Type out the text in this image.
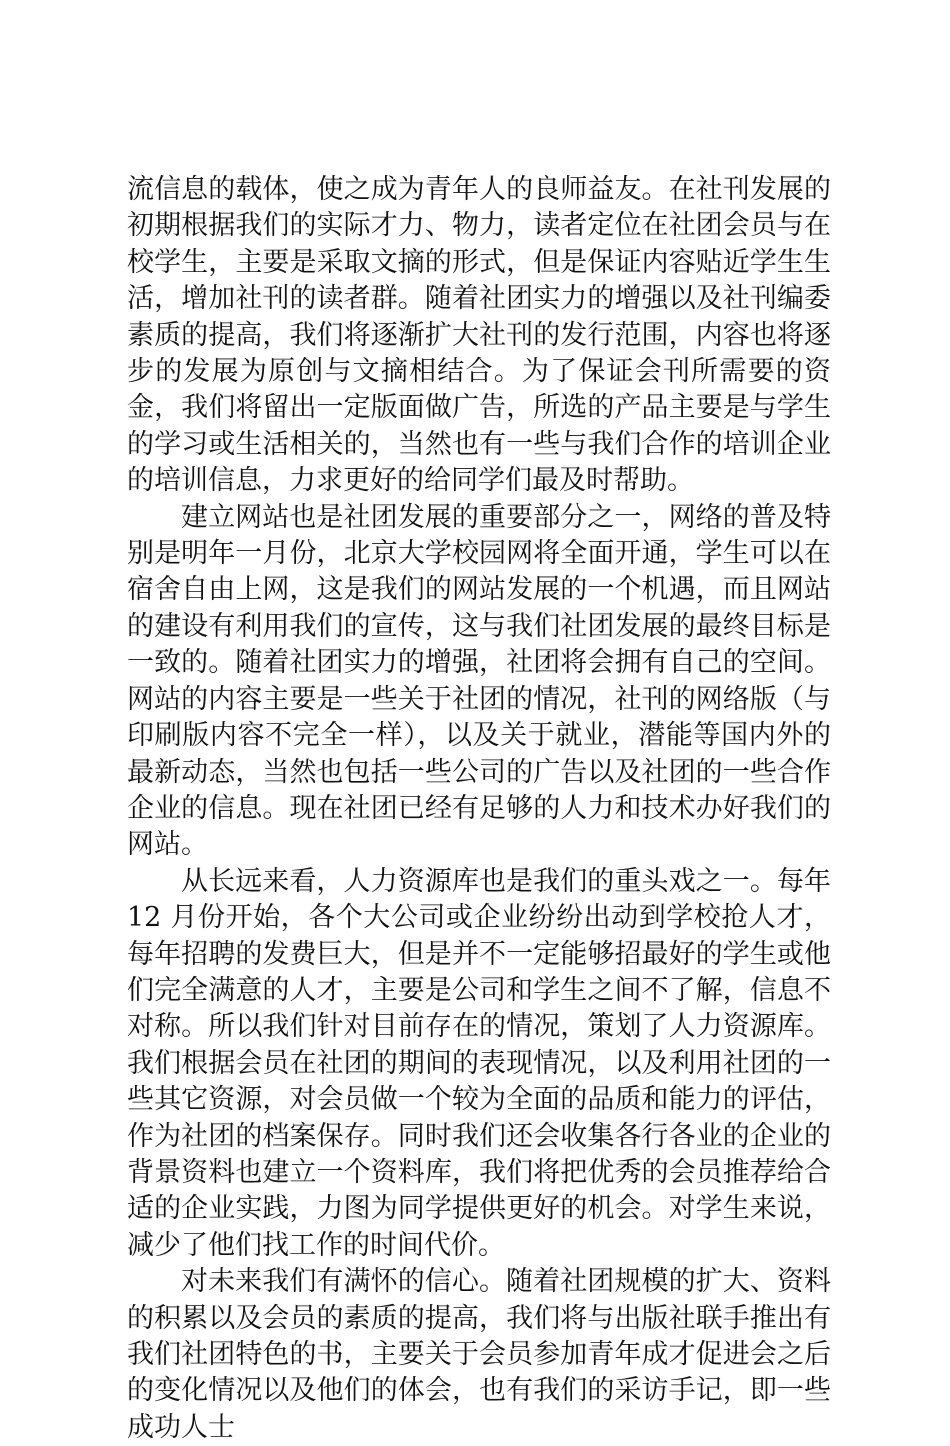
流信息的载体，使之成为青年人的良师益友。在社刊发展的初期根据我们的实际才力、物力，读者定位在社团会员与在校学生，主要是采取文摘的形式，但是保证内容贴近学生生活，增加社刊的读者群。随着社团实力的增强以及社刊编委素质的提高，我们将逐渐扩大社刊的发行范围，内容也将逐步的发展为原创与文摘相结合。为了保证会刊所需要的资金，我们将留出一定版面做广告，所选的产品主要是与学生的学习或生活相关的，当然也有一些与我们合作的培训企业的培训信息，力求更好的给同学们最及时帮助。

建立网站也是社团发展的重要部分之一，网络的普及特别是明年一月份，北京大学校园网将全面开通，学生可以在宿舍自由上网，这是我们的网站发展的一个机遇，而且网站的建设有利用我们的宣传，这与我们社团发展的最终目标是一致的。随着社团实力的增强，社团将会拥有自己的空间。网站的内容主要是一些关于社团的情况，社刊的网络版（与印刷版内容不完全一样），以及关于就业，潜能等国内外的最新动态，当然也包括一些公司的广告以及社团的一些合作企业的信息。现在社团已经有足够的人力和技术办好我们的网站。

从长远来看，人力资源库也是我们的重头戏之一。每年 12 月份开始，各个大公司或企业纷纷出动到学校抢人才，每年招聘的发费巨大，但是并不一定能够招最好的学生或他们完全满意的人才，主要是公司和学生之间不了解，信息不对称。所以我们针对目前存在的情况，策划了人力资源库。我们根据会员在社团的期间的表现情况，以及利用社团的一些其它资源，对会员做一个较为全面的品质和能力的评估，作为社团的档案保存。同时我们还会收集各行各业的企业的背景资料也建立一个资料库，我们将把优秀的会员推荐给合适的企业实践，力图为同学提供更好的机会。对学生来说，减少了他们找工作的时间代价。

对未来我们有满怀的信心。随着社团规模的扩大、资料的积累以及会员的素质的提高，我们将与出版社联手推出有我们社团特色的书，主要关于会员参加青年成才促进会之后的变化情况以及他们的体会，也有我们的采访手记，即一些成功人士
